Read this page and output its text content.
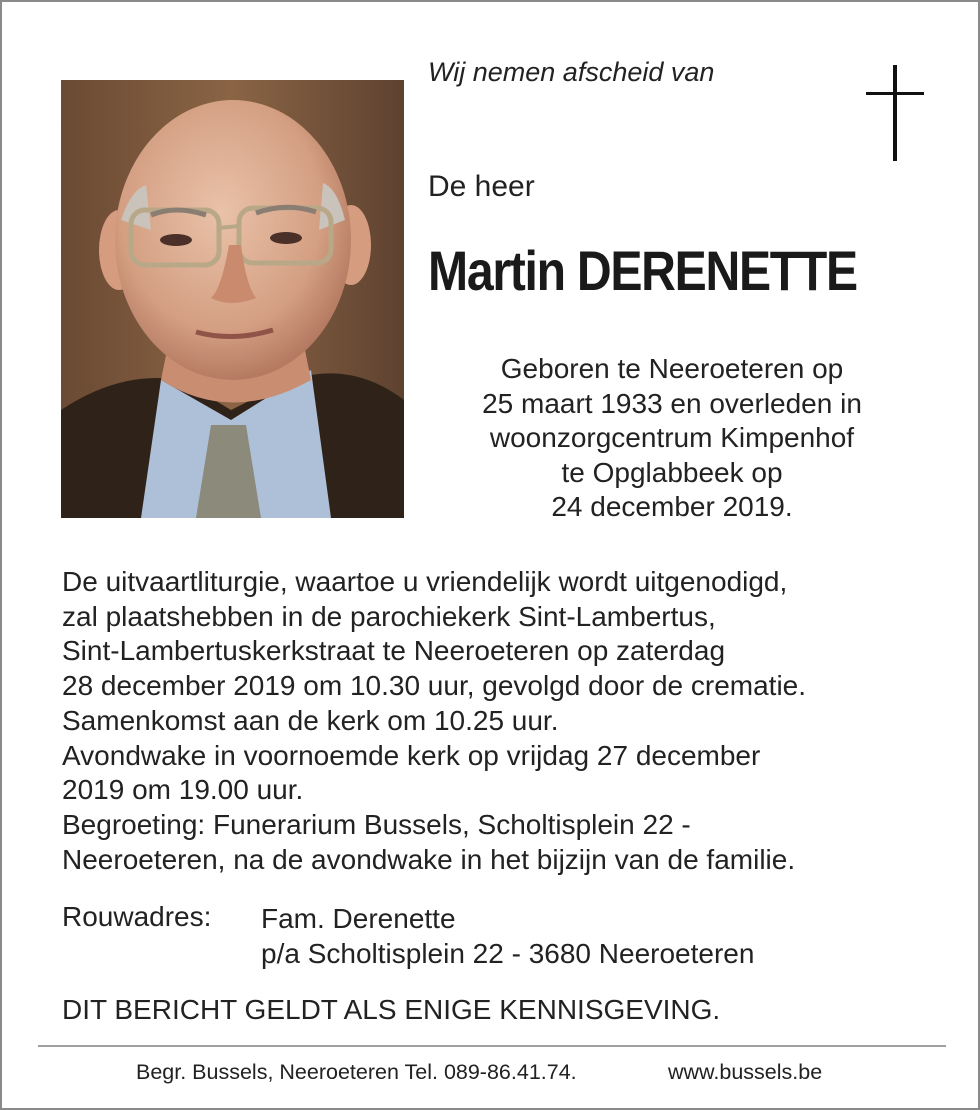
Wij nemen afscheid van
De heer
Martin DERENETTE
Geboren te Neeroeteren op
25 maart 1933 en overleden in
woonzorgcentrum Kimpenhof
te Opglabbeek op
24 december 2019.
De uitvaartliturgie, waartoe u vriendelijk wordt uitgenodigd,
zal plaatshebben in de parochiekerk Sint-Lambertus,
Sint-Lambertuskerkstraat te Neeroeteren op zaterdag
28 december 2019 om 10.30 uur, gevolgd door de crematie.
Samenkomst aan de kerk om 10.25 uur.
Avondwake in voornoemde kerk op vrijdag 27 december
2019 om 19.00 uur.
Begroeting: Funerarium Bussels, Scholtisplein 22 -
Neeroeteren, na de avondwake in het bijzijn van de familie.
Rouwadres: Fam. Derenette
p/a Scholtisplein 22 - 3680 Neeroeteren
DIT BERICHT GELDT ALS ENIGE KENNISGEVING.
Begr. Bussels, Neeroeteren Tel. 089-86.41.74.	www.bussels.be
